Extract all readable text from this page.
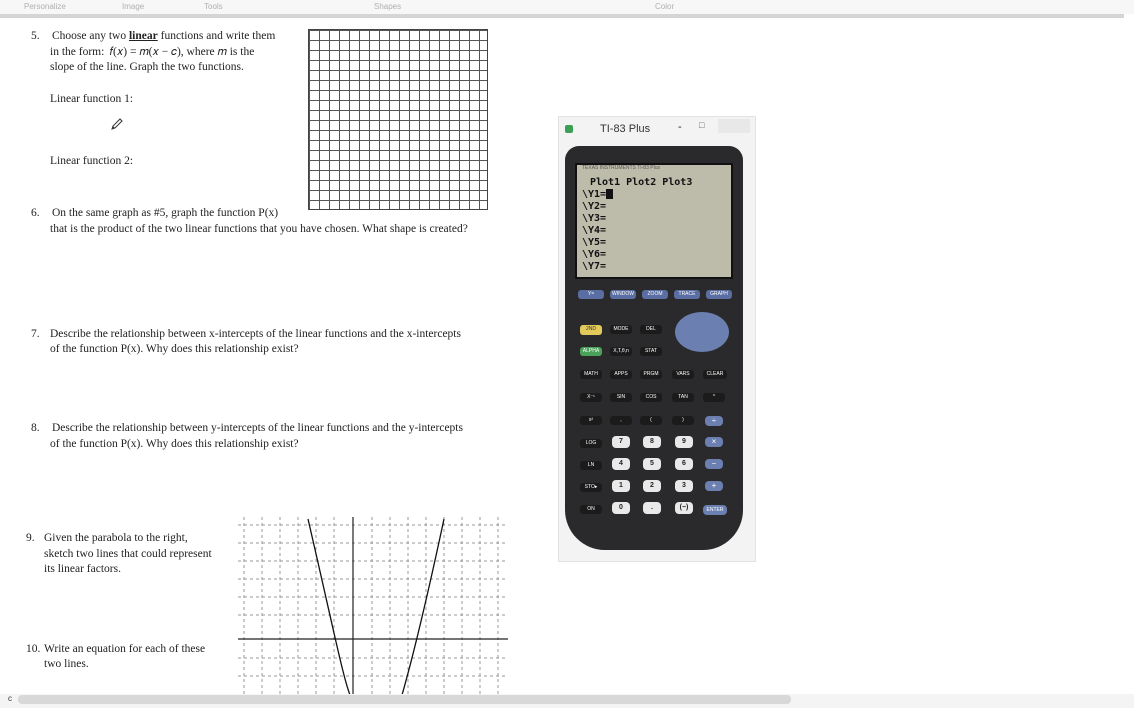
Personalize	Image	Tools	Shapes	Color
5. Choose any two linear functions and write them
in the form:  𝑓(𝑥) = 𝑚(𝑥 − 𝑐), where 𝑚 is the
slope of the line. Graph the two functions.
Linear function 1:
Linear function 2:
6. On the same graph as #5, graph the function P(x)
that is the product of the two linear functions that you have chosen. What shape is created?
7. Describe the relationship between x-intercepts of the linear functions and the x-intercepts
of the function P(x). Why does this relationship exist?
8. Describe the relationship between y-intercepts of the linear functions and the y-intercepts
of the function P(x). Why does this relationship exist?
9. Given the parabola to the right,
sketch two lines that could represent
its linear factors.
10. Write an equation for each of these
two lines.
TI-83 Plus	- □
TEXAS INSTRUMENTS TI-83 Plus
Plot1 Plot2 Plot3
\Y1=
\Y2=
\Y3=
\Y4=
\Y5=
\Y6=
\Y7=
Y=	WINDOW	ZOOM	TRACE	GRAPH
2ND	MODE	DEL
ALPHA	X,T,θ,n	STAT
MATH	APPS	PRGM	VARS	CLEAR
X⁻¹	SIN	COS	TAN	^
x²	,	(	)	÷
LOG	7	8	9	×
LN	4	5	6	−
STO▸	1	2	3	+
ON	0	.	(−)	ENTER
c
